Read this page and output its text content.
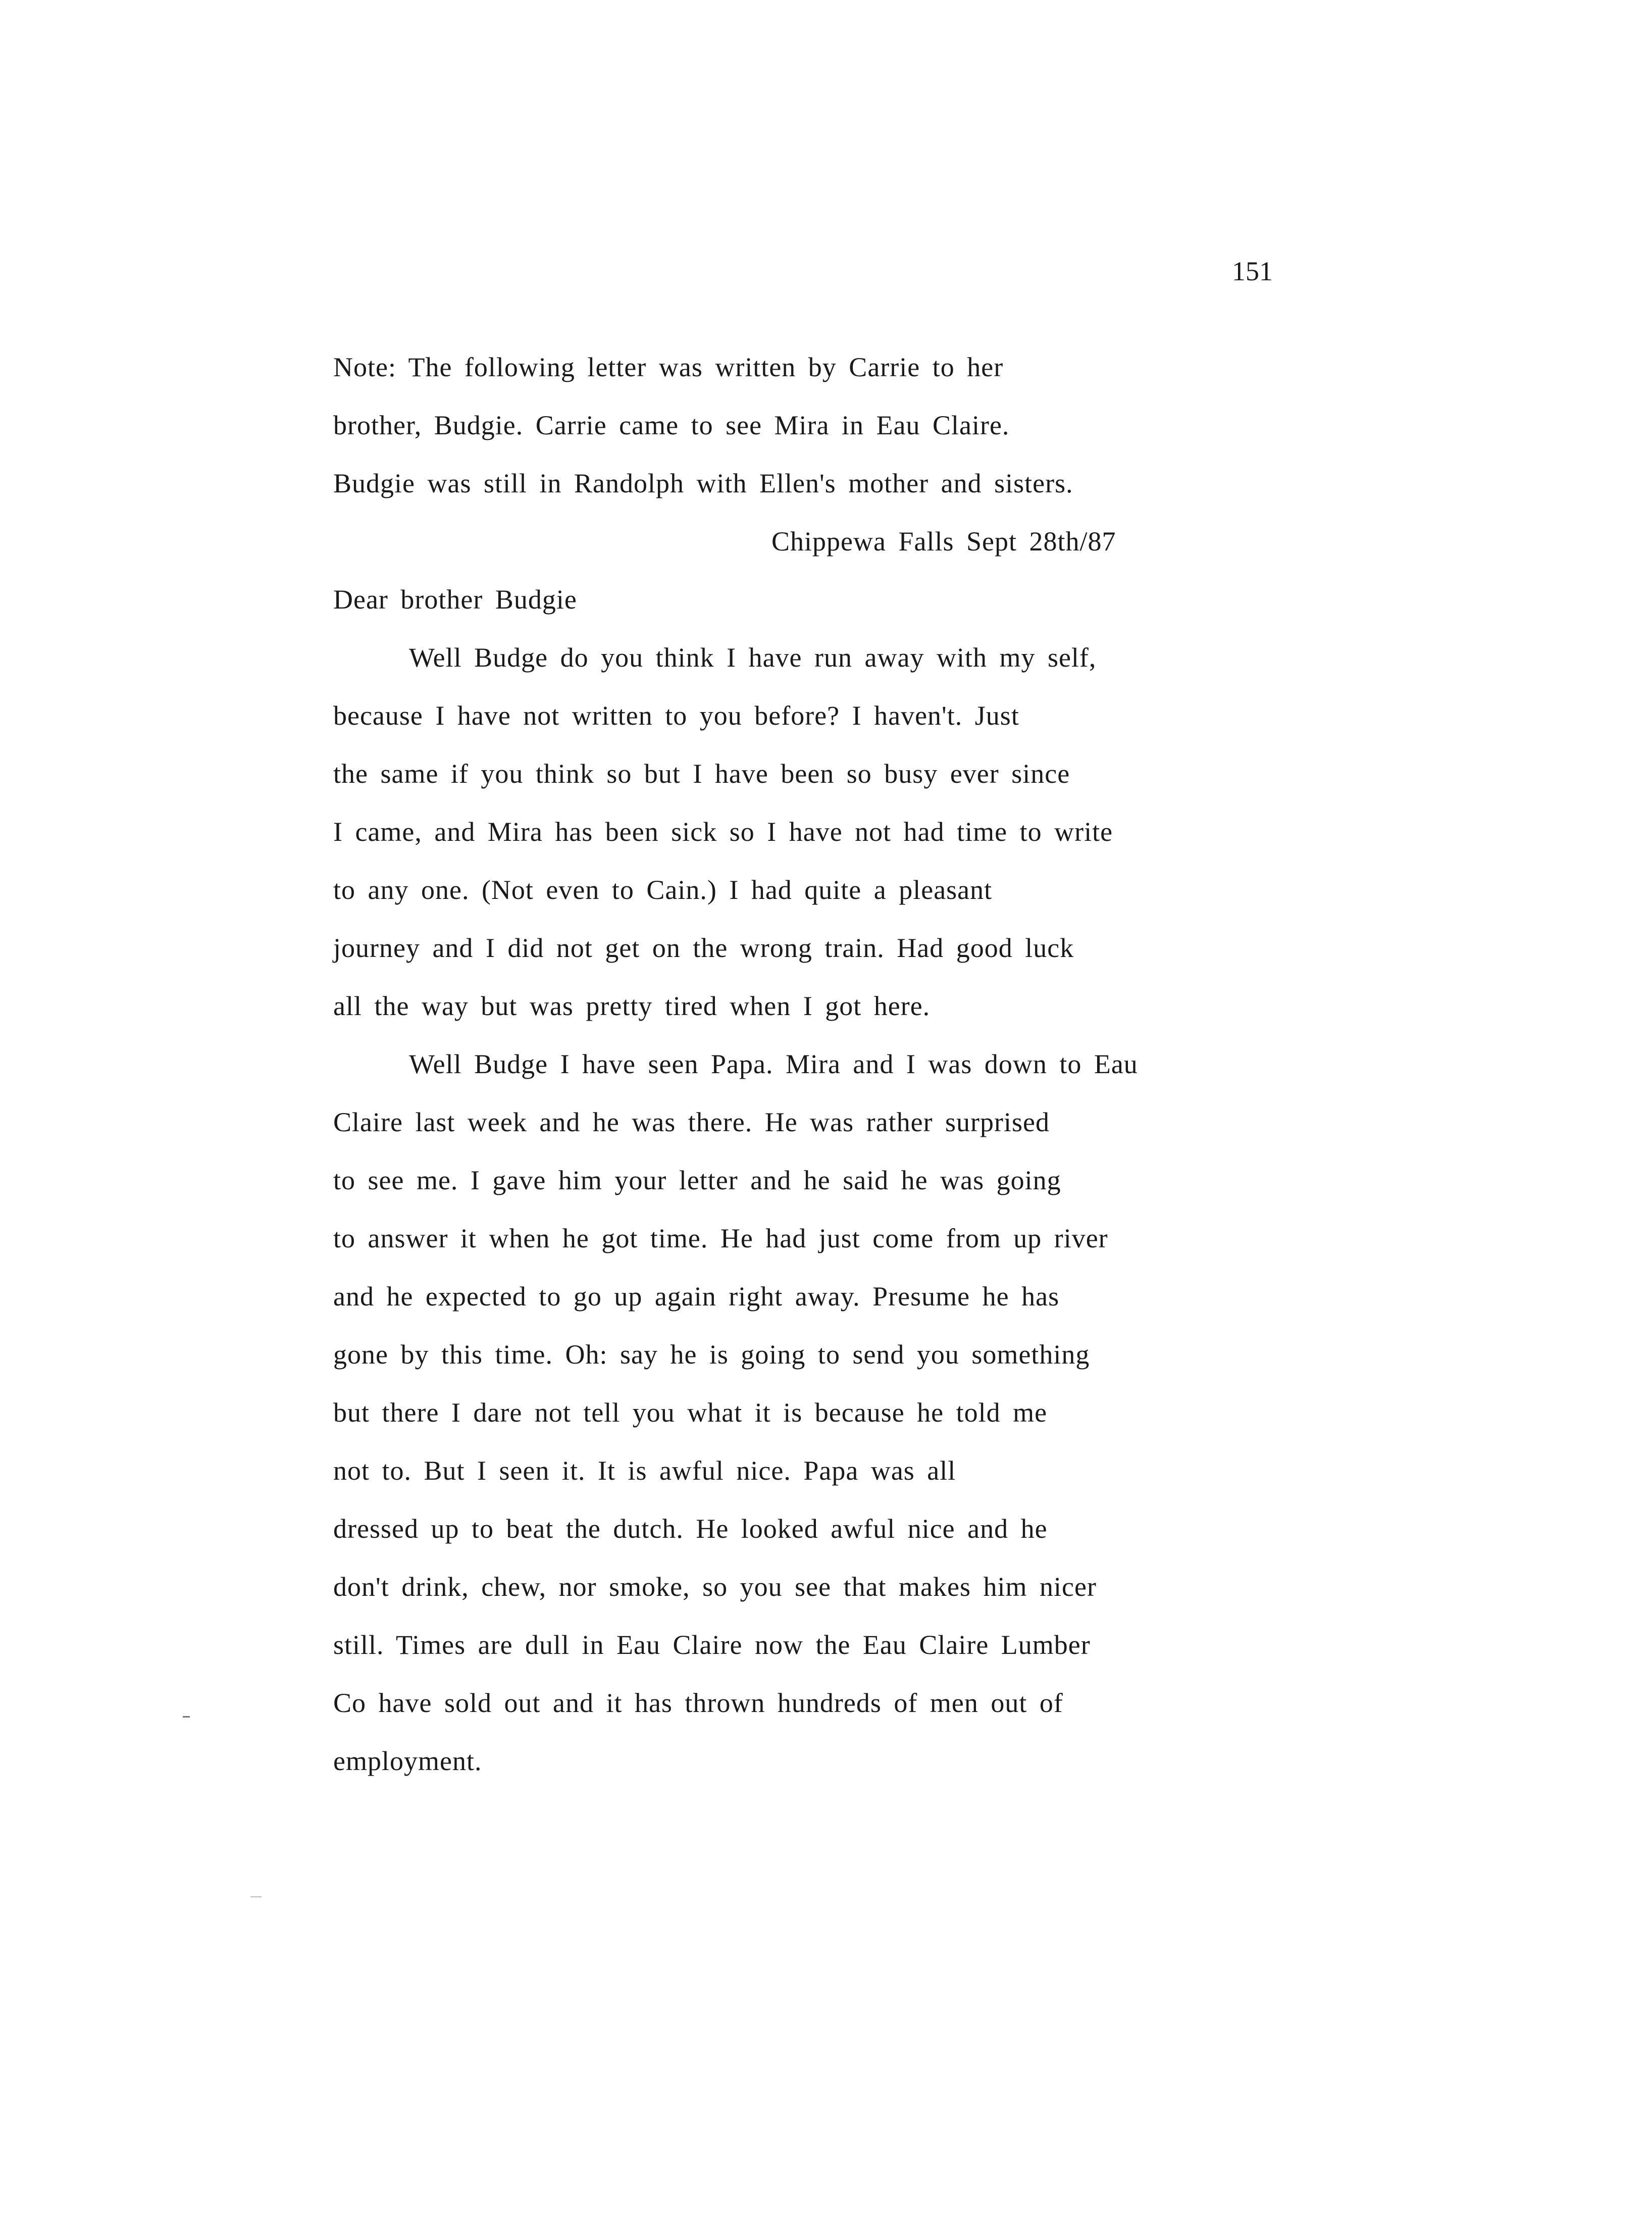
151
Note: The following letter was written by Carrie to her
brother, Budgie. Carrie came to see Mira in Eau Claire.
Budgie was still in Randolph with Ellen's mother and sisters.
Chippewa Falls Sept 28th/87
Dear brother Budgie
Well Budge do you think I have run away with my self,
because I have not written to you before? I haven't. Just
the same if you think so but I have been so busy ever since
I came, and Mira has been sick so I have not had time to write
to any one. (Not even to Cain.) I had quite a pleasant
journey and I did not get on the wrong train. Had good luck
all the way but was pretty tired when I got here.
Well Budge I have seen Papa. Mira and I was down to Eau
Claire last week and he was there. He was rather surprised
to see me. I gave him your letter and he said he was going
to answer it when he got time. He had just come from up river
and he expected to go up again right away. Presume he has
gone by this time. Oh: say he is going to send you something
but there I dare not tell you what it is because he told me
not to. But I seen it. It is awful nice. Papa was all
dressed up to beat the dutch. He looked awful nice and he
don't drink, chew, nor smoke, so you see that makes him nicer
still. Times are dull in Eau Claire now the Eau Claire Lumber
Co have sold out and it has thrown hundreds of men out of
employment.
